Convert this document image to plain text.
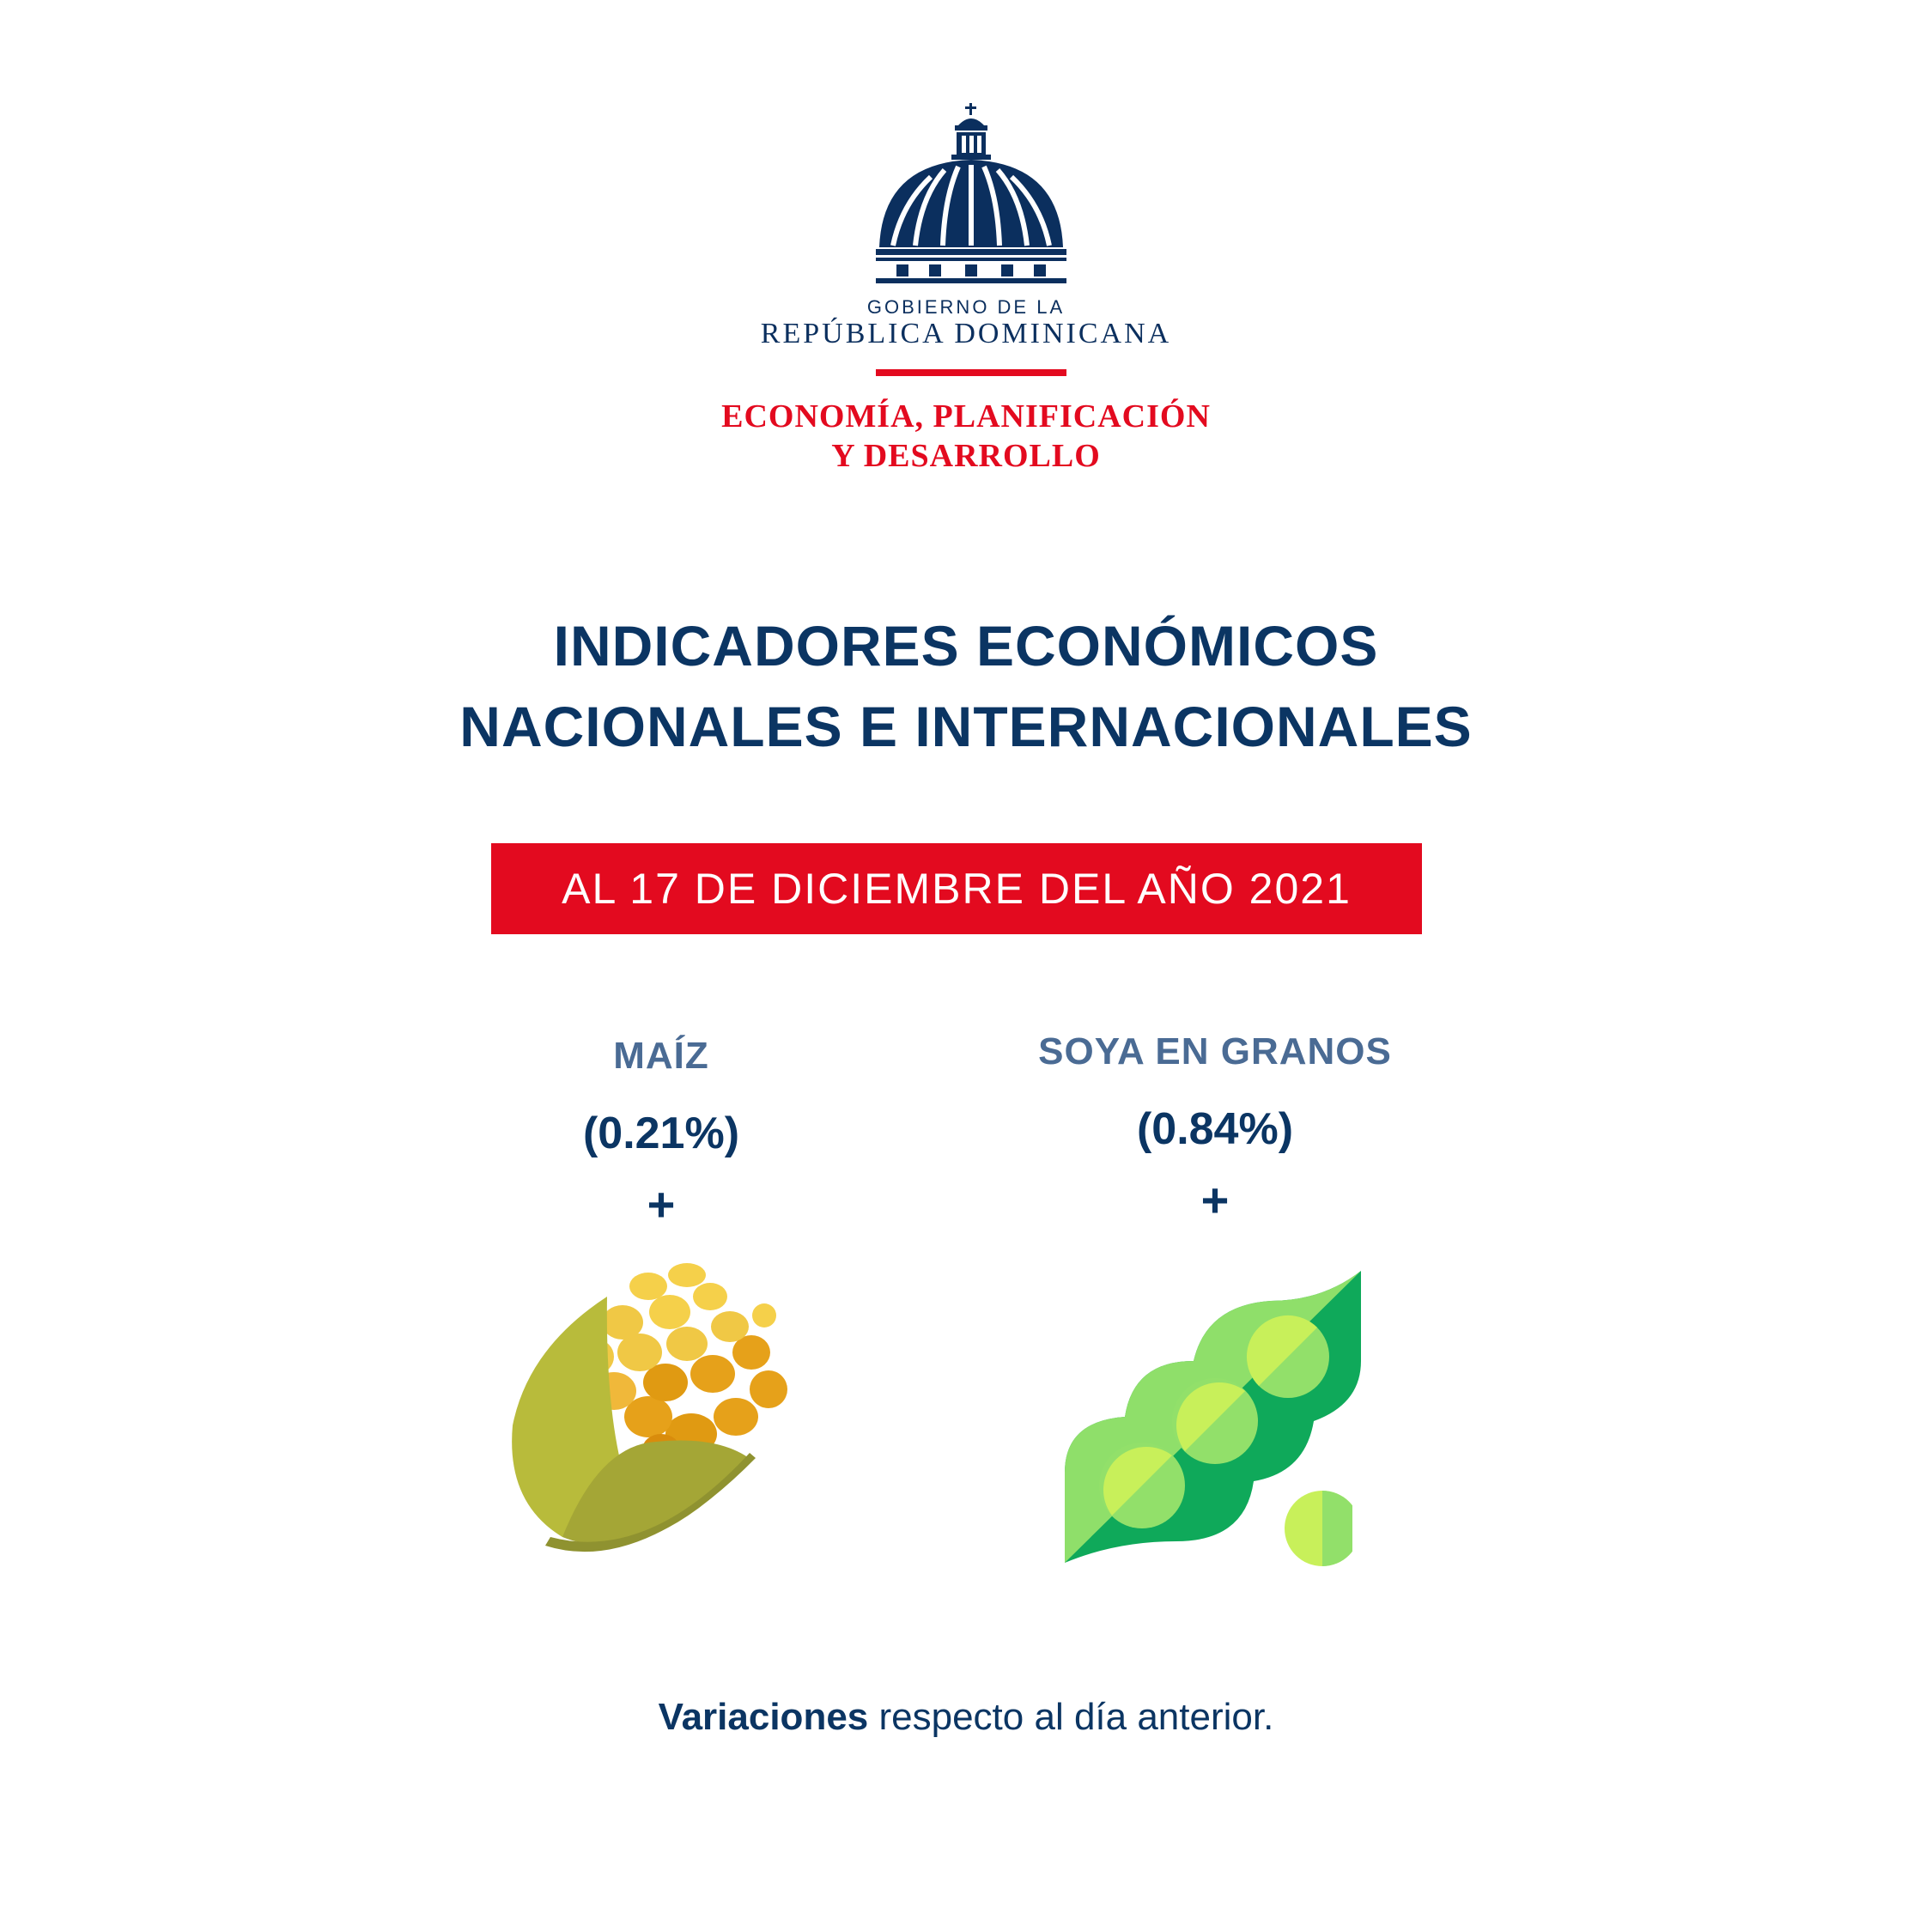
GOBIERNO DE LA
REPÚBLICA DOMINICANA
ECONOMÍA, PLANIFICACIÓN
Y DESARROLLO
INDICADORES ECONÓMICOS
NACIONALES E INTERNACIONALES
AL 17 DE DICIEMBRE DEL AÑO 2021
MAÍZ
(0.21%)
+
SOYA EN GRANOS
(0.84%)
+
Variaciones respecto al día anterior.
